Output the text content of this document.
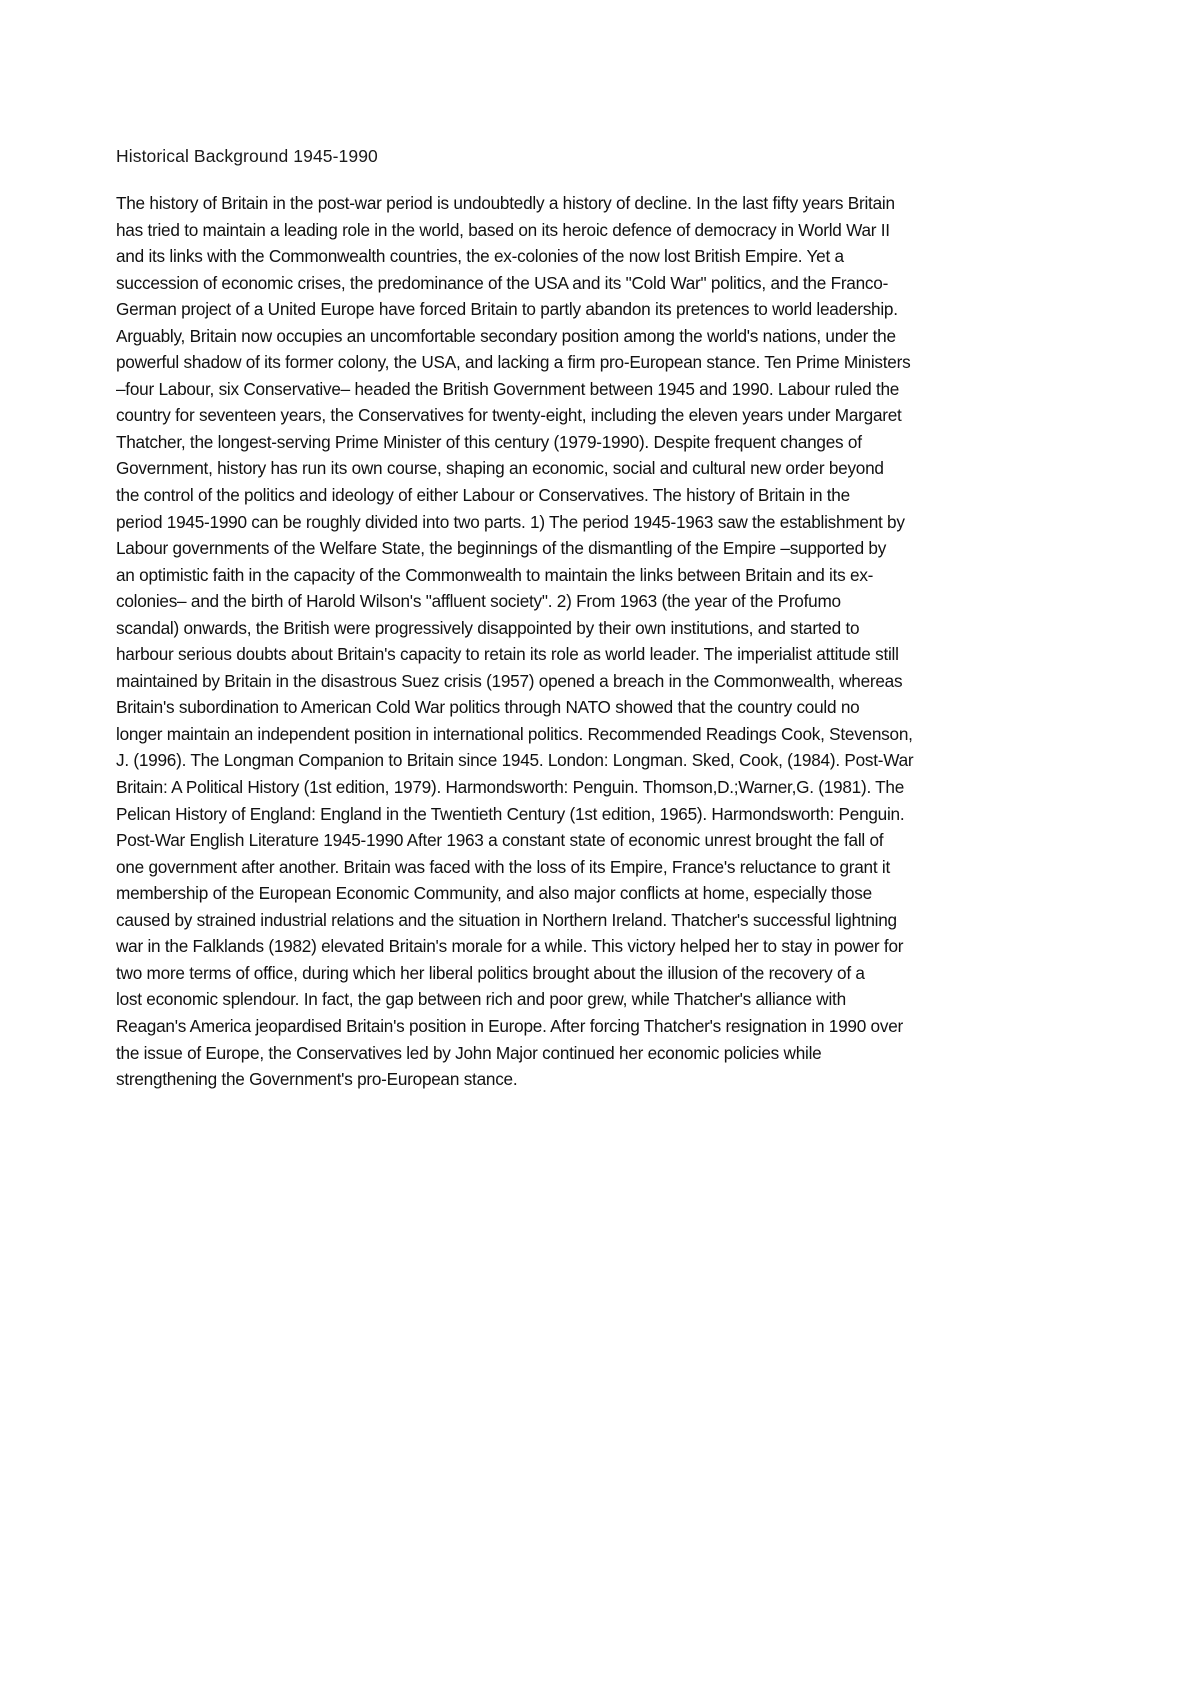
Historical Background 1945-1990
The history of Britain in the post-war period is undoubtedly a history of decline. In the last fifty years Britain
has tried to maintain a leading role in the world, based on its heroic defence of democracy in World War II
and its links with the Commonwealth countries, the ex-colonies of the now lost British Empire. Yet a
succession of economic crises, the predominance of the USA and its "Cold War" politics, and the Franco-
German project of a United Europe have forced Britain to partly abandon its pretences to world leadership.
Arguably, Britain now occupies an uncomfortable secondary position among the world's nations, under the
powerful shadow of its former colony, the USA, and lacking a firm pro-European stance. Ten Prime Ministers
–four Labour, six Conservative– headed the British Government between 1945 and 1990. Labour ruled the
country for seventeen years, the Conservatives for twenty-eight, including the eleven years under Margaret
Thatcher, the longest-serving Prime Minister of this century (1979-1990). Despite frequent changes of
Government, history has run its own course, shaping an economic, social and cultural new order beyond
the control of the politics and ideology of either Labour or Conservatives. The history of Britain in the
period 1945-1990 can be roughly divided into two parts. 1) The period 1945-1963 saw the establishment by
Labour governments of the Welfare State, the beginnings of the dismantling of the Empire –supported by
an optimistic faith in the capacity of the Commonwealth to maintain the links between Britain and its ex-
colonies– and the birth of Harold Wilson's "affluent society". 2) From 1963 (the year of the Profumo
scandal) onwards, the British were progressively disappointed by their own institutions, and started to
harbour serious doubts about Britain's capacity to retain its role as world leader. The imperialist attitude still
maintained by Britain in the disastrous Suez crisis (1957) opened a breach in the Commonwealth, whereas
Britain's subordination to American Cold War politics through NATO showed that the country could no
longer maintain an independent position in international politics. Recommended Readings Cook, Stevenson,
J. (1996). The Longman Companion to Britain since 1945. London: Longman. Sked, Cook, (1984). Post-War
Britain: A Political History (1st edition, 1979). Harmondsworth: Penguin. Thomson,D.;Warner,G. (1981). The
Pelican History of England: England in the Twentieth Century (1st edition, 1965). Harmondsworth: Penguin.
Post-War English Literature 1945-1990 After 1963 a constant state of economic unrest brought the fall of
one government after another. Britain was faced with the loss of its Empire, France's reluctance to grant it
membership of the European Economic Community, and also major conflicts at home, especially those
caused by strained industrial relations and the situation in Northern Ireland. Thatcher's successful lightning
war in the Falklands (1982) elevated Britain's morale for a while. This victory helped her to stay in power for
two more terms of office, during which her liberal politics brought about the illusion of the recovery of a
lost economic splendour. In fact, the gap between rich and poor grew, while Thatcher's alliance with
Reagan's America jeopardised Britain's position in Europe. After forcing Thatcher's resignation in 1990 over
the issue of Europe, the Conservatives led by John Major continued her economic policies while
strengthening the Government's pro-European stance.
